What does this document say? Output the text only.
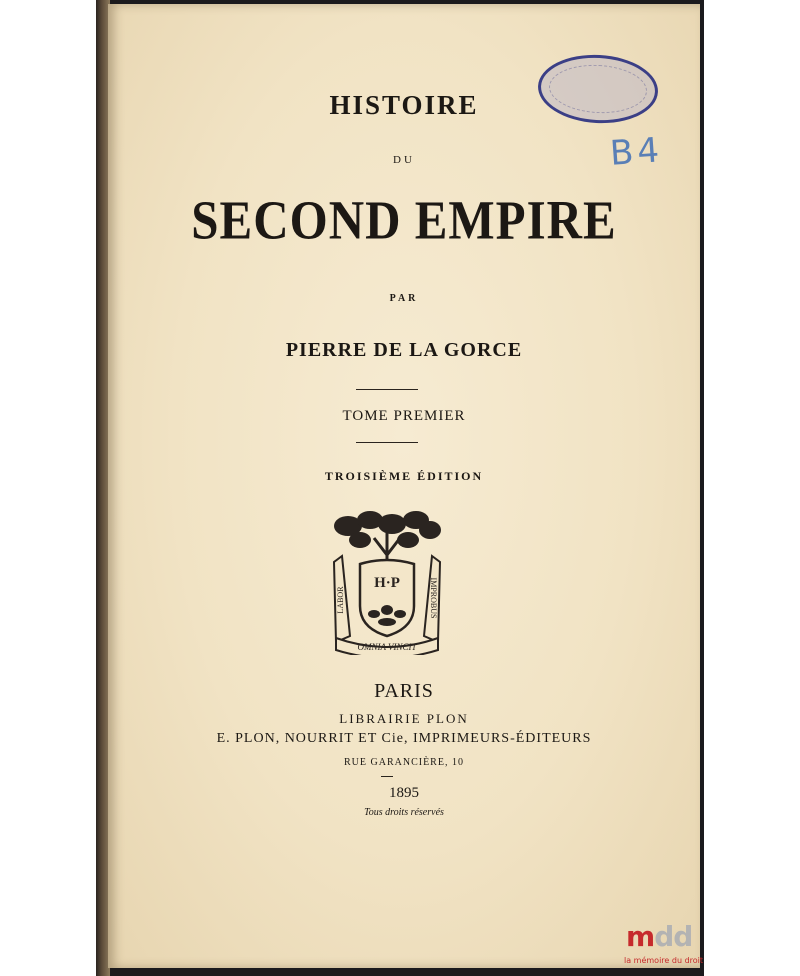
B4
HISTOIRE
DU
SECOND EMPIRE
PAR
PIERRE DE LA GORCE
TOME PREMIER
TROISIÈME ÉDITION
H·P
LABOR	IMPROBUS
OMNIA VINCIT
PARIS
LIBRAIRIE PLON
E. PLON, NOURRIT ET Cie, IMPRIMEURS-ÉDITEURS
RUE GARANCIÈRE, 10
1895
Tous droits réservés
mdd
la mémoire du droit
